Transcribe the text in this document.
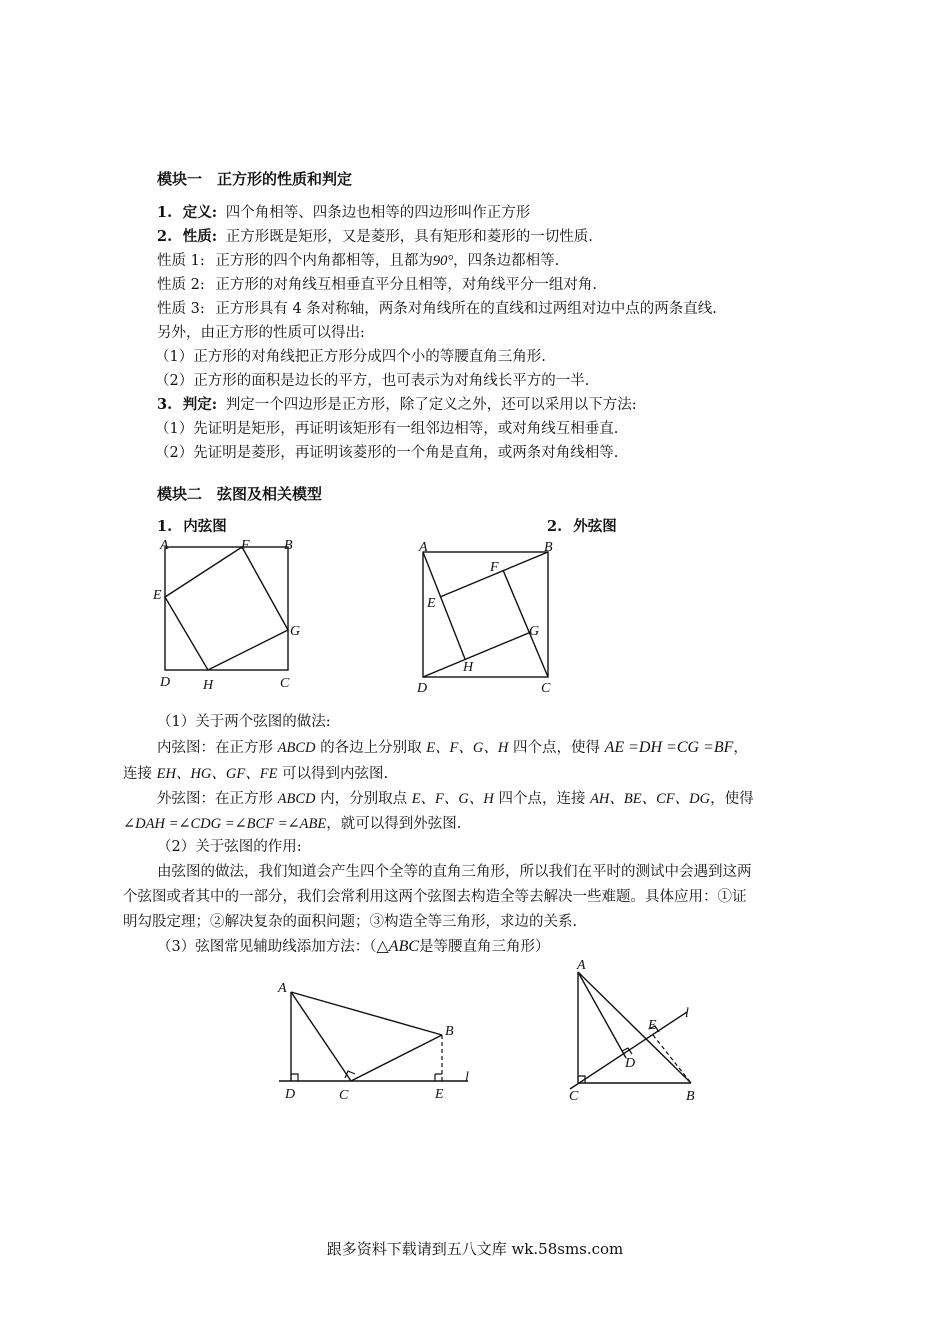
模块一　正方形的性质和判定
1. 定义: 四个角相等、四条边也相等的四边形叫作正方形
2. 性质: 正方形既是矩形，又是菱形，具有矩形和菱形的一切性质.
性质 1: 正方形的四个内角都相等，且都为90°，四条边都相等.
性质 2: 正方形的对角线互相垂直平分且相等，对角线平分一组对角.
性质 3: 正方形具有 4 条对称轴，两条对角线所在的直线和过两组对边中点的两条直线.
另外，由正方形的性质可以得出:
（1）正方形的对角线把正方形分成四个小的等腰直角三角形.
（2）正方形的面积是边长的平方，也可表示为对角线长平方的一半.
3. 判定: 判定一个四边形是正方形，除了定义之外，还可以采用以下方法:
（1）先证明是矩形，再证明该矩形有一组邻边相等，或对角线互相垂直.
（2）先证明是菱形，再证明该菱形的一个角是直角，或两条对角线相等.
模块二　弦图及相关模型
1. 内弦图	2. 外弦图
A	F B
E
G
D H	C
A	B
F
E
G
H
D	C
（1）关于两个弦图的做法:
内弦图：在正方形 ABCD 的各边上分别取 E、F、G、H 四个点，使得 AE =DH =CG =BF，
连接 EH、HG、GF、FE 可以得到内弦图.
外弦图：在正方形 ABCD 内，分别取点 E、F、G、H 四个点，连接 AH、BE、CF、DG，使得
∠DAH =∠CDG =∠BCF =∠ABE，就可以得到外弦图.
（2）关于弦图的作用:
由弦图的做法，我们知道会产生四个全等的直角三角形，所以我们在平时的测试中会遇到这两
个弦图或者其中的一部分，我们会常利用这两个弦图去构造全等去解决一些难题。具体应用：①证
明勾股定理；②解决复杂的面积问题；③构造全等三角形，求边的关系.
（3）弦图常见辅助线添加方法：（△ABC是等腰直角三角形）
A
B
D	C	E
l
A
E
l
D
C	B
跟多资料下载请到五八文库 wk.58sms.com
